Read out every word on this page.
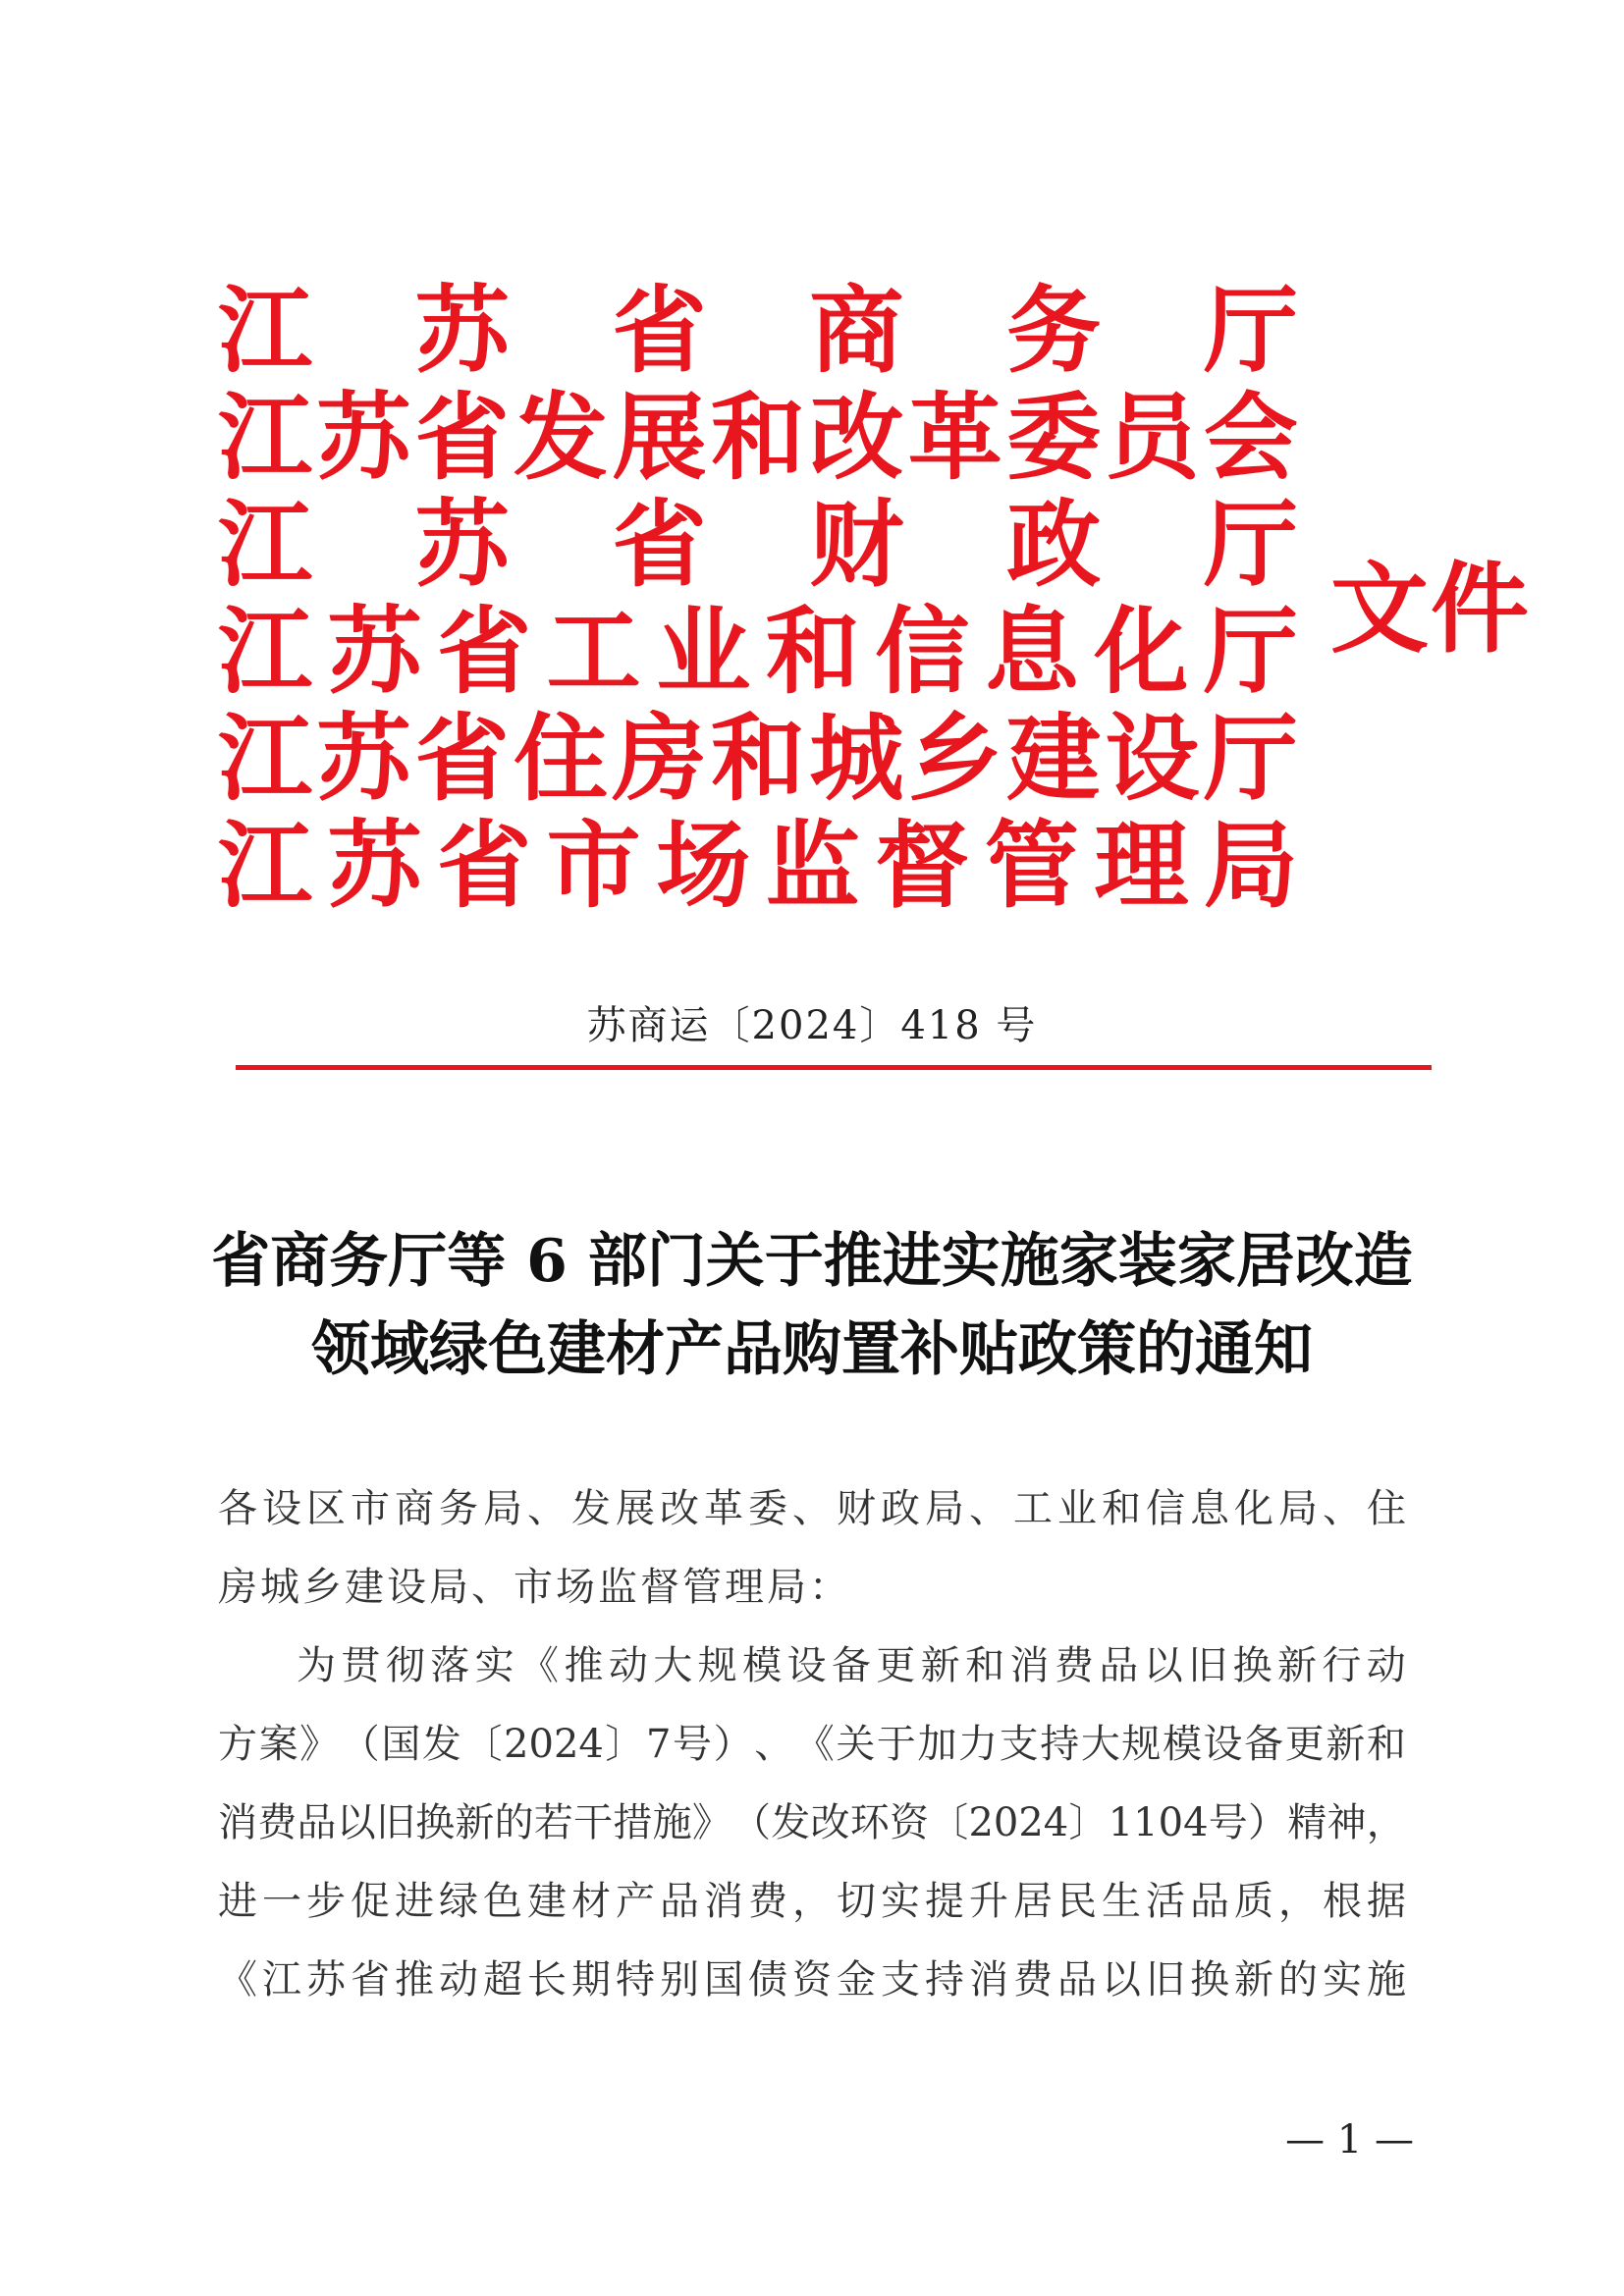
江 苏 省 商 务 厅
江 苏 省 发 展 和 改 革 委 员 会
江 苏 省 财 政 厅
江 苏 省 工 业 和 信 息 化 厅
江 苏 省 住 房 和 城 乡 建 设 厅
江 苏 省 市 场 监 督 管 理 局
文件
苏商运〔2024〕418 号
省商务厅等 6 部门关于推进实施家装家居改造
领域绿色建材产品购置补贴政策的通知
各 设 区 市 商 务 局 、 发 展 改 革 委 、 财 政 局 、 工 业 和 信 息 化 局 、 住
房城乡建设局、市场监督管理局：
为 贯 彻 落 实 《 推 动 大 规 模 设 备 更 新 和 消 费 品 以 旧 换 新 行 动
方 案 》 （ 国 发 〔 2024 〕 7 号 ） 、 《 关 于 加 力 支 持 大 规 模 设 备 更 新 和
消 费 品 以 旧 换 新 的 若 干 措 施 》 （ 发 改 环 资 〔 2024 〕 1104 号 ） 精 神 ，
进 一 步 促 进 绿 色 建 材 产 品 消 费 ， 切 实 提 升 居 民 生 活 品 质 ， 根 据
《 江 苏 省 推 动 超 长 期 特 别 国 债 资 金 支 持 消 费 品 以 旧 换 新 的 实 施
— 1 —
